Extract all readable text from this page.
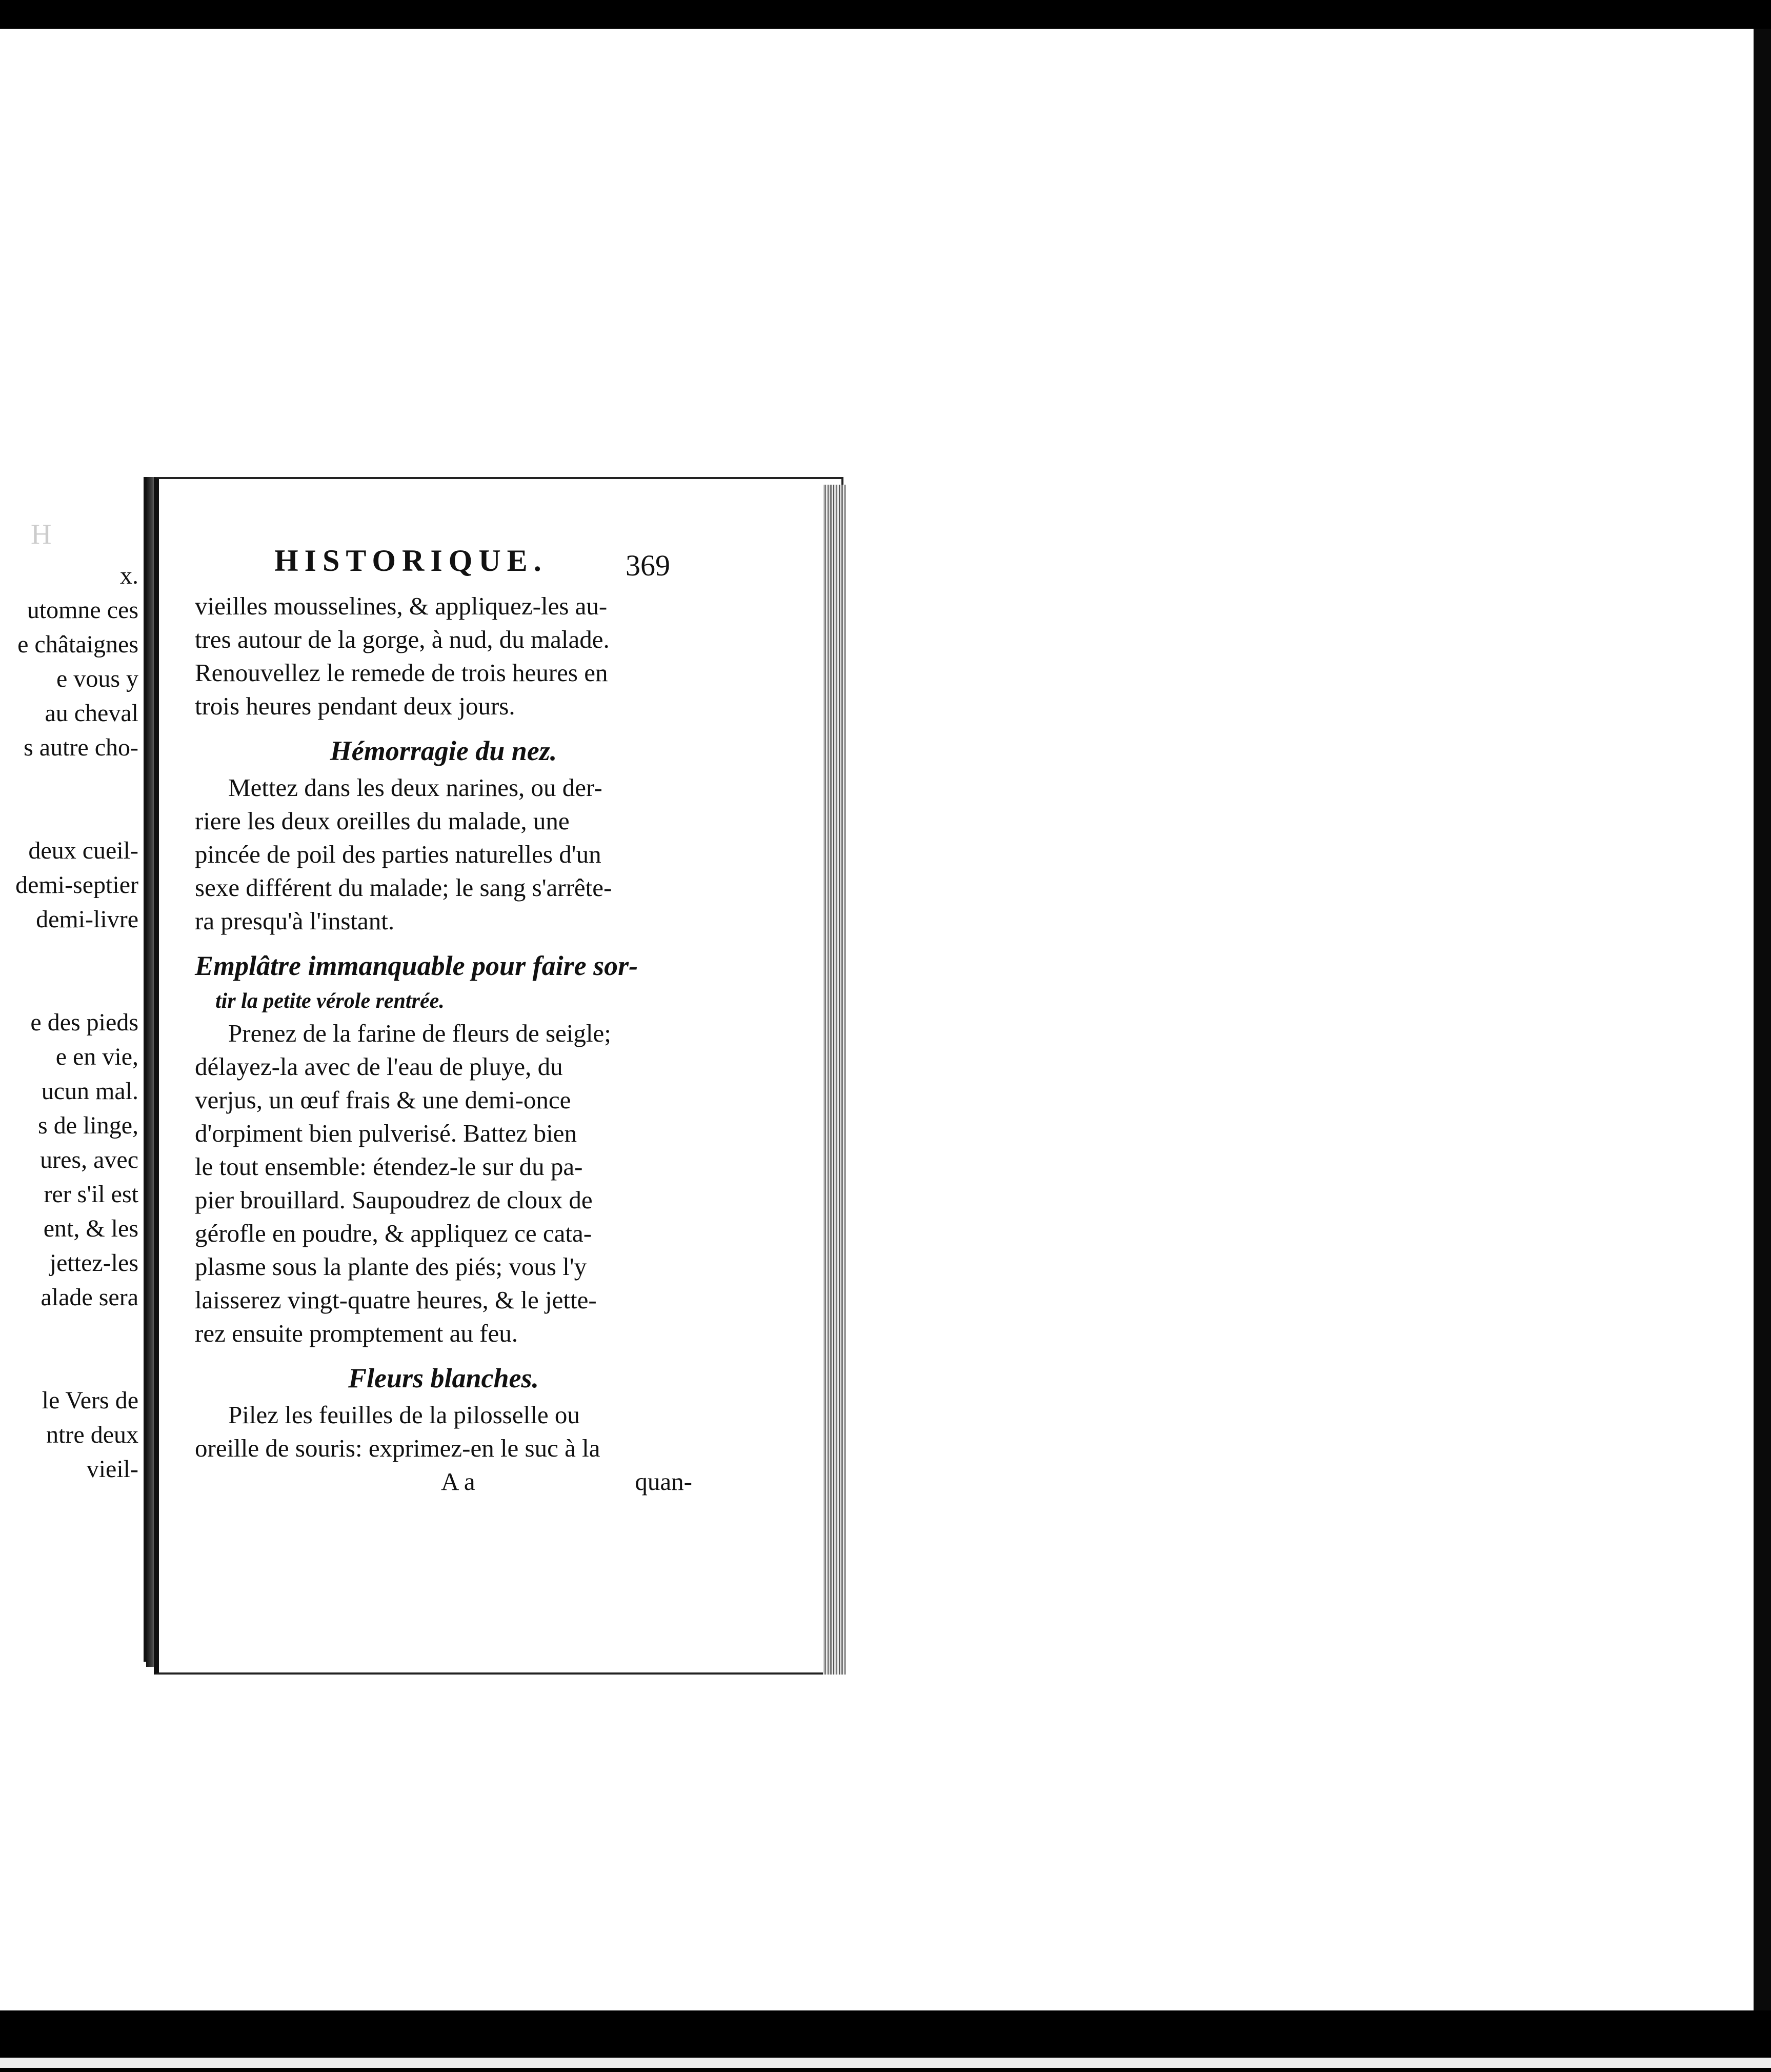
H
x.
utomne ces
e châtaignes
e vous y
au cheval
s autre cho-
deux cueil-
demi-septier
demi-livre
e des pieds
e en vie,
ucun mal.
s de linge,
ures, avec
rer s'il est
ent, & les
jettez-les
alade sera
le Vers de
ntre deux
vieil-
HISTORIQUE.	369
vieilles mousselines, & appliquez-les au-
tres autour de la gorge, à nud, du malade.
Renouvellez le remede de trois heures en
trois heures pendant deux jours.
Hémorragie du nez.
Mettez dans les deux narines, ou der-
riere les deux oreilles du malade, une
pincée de poil des parties naturelles d'un
sexe différent du malade; le sang s'arrête-
ra presqu'à l'instant.
Emplâtre immanquable pour faire sor-
tir la petite vérole rentrée.
Prenez de la farine de fleurs de seigle;
délayez-la avec de l'eau de pluye, du
verjus, un œuf frais & une demi-once
d'orpiment bien pulverisé. Battez bien
le tout ensemble: étendez-le sur du pa-
pier brouillard. Saupoudrez de cloux de
gérofle en poudre, & appliquez ce cata-
plasme sous la plante des piés; vous l'y
laisserez vingt-quatre heures, & le jette-
rez ensuite promptement au feu.
Fleurs blanches.
Pilez les feuilles de la pilosselle ou
oreille de souris: exprimez-en le suc à la
A a	quan-
